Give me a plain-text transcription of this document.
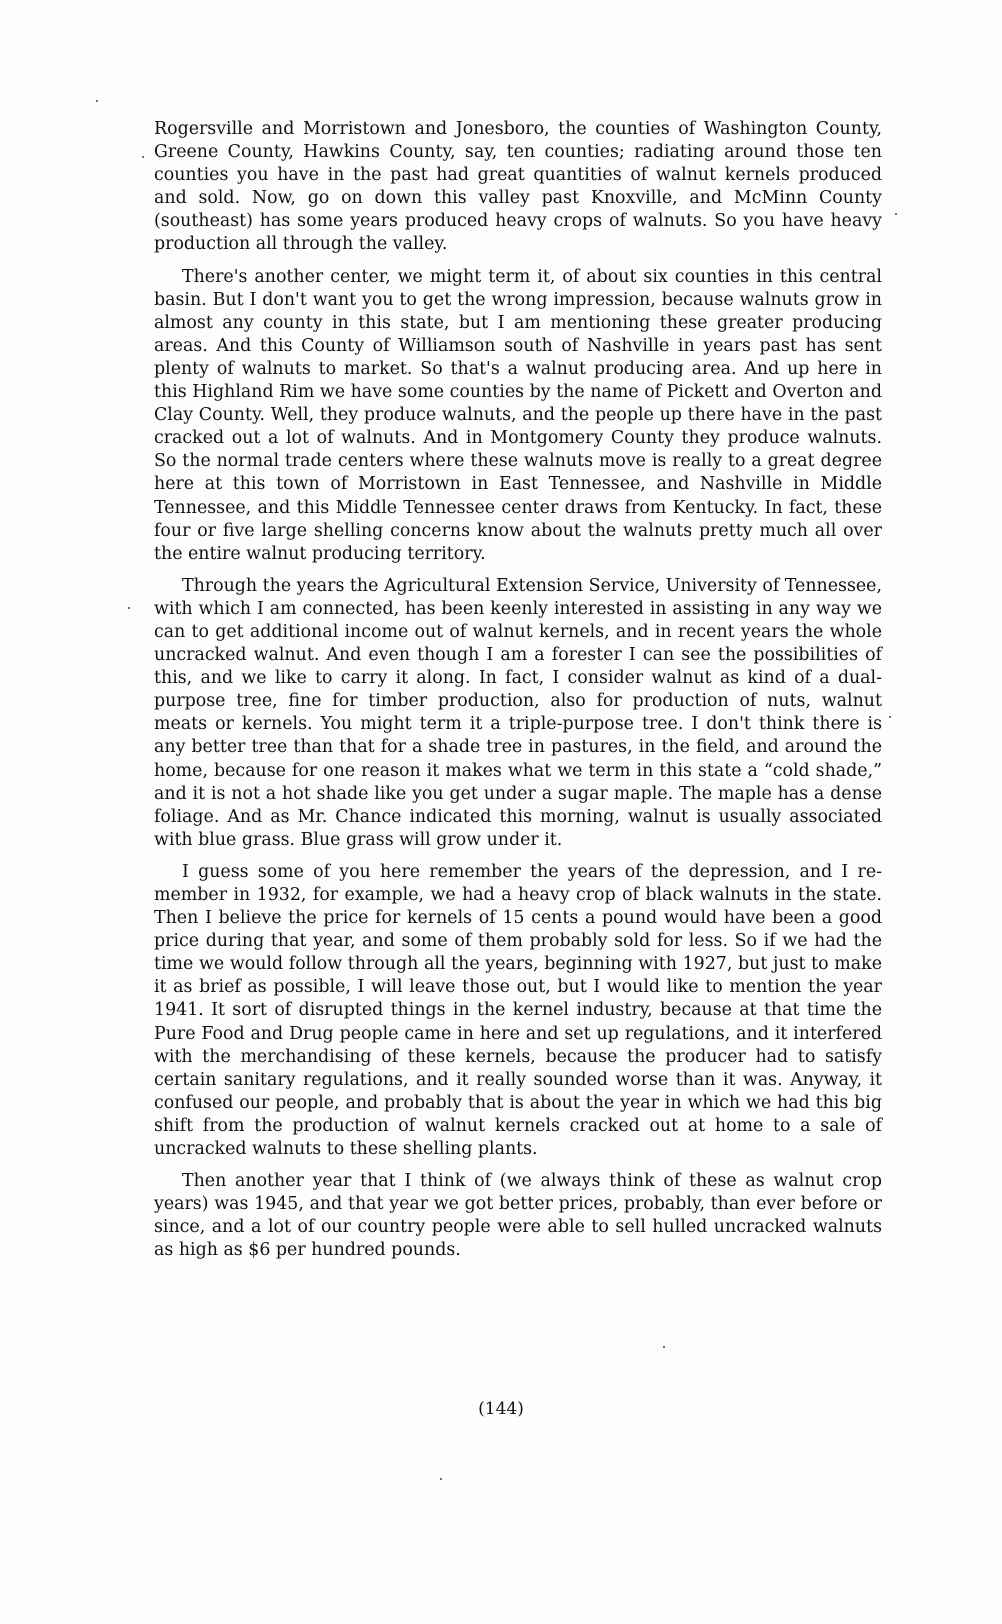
Rogersville and Morristown and Jonesboro, the counties of Washington County, Greene County, Hawkins County, say, ten counties; radiating around those ten counties you have in the past had great quantities of walnut kernels produced and sold. Now, go on down this valley past Knoxville, and McMinn County (southeast) has some years produced heavy crops of walnuts. So you have heavy production all through the valley.

There's another center, we might term it, of about six counties in this central basin. But I don't want you to get the wrong impression, because walnuts grow in almost any county in this state, but I am mentioning these greater producing areas. And this County of Williamson south of Nashville in years past has sent plenty of walnuts to market. So that's a walnut producing area. And up here in this Highland Rim we have some counties by the name of Pickett and Overton and Clay County. Well, they produce walnuts, and the people up there have in the past cracked out a lot of walnuts. And in Montgomery County they produce walnuts. So the normal trade centers where these walnuts move is really to a great degree here at this town of Morristown in East Tennessee, and Nashville in Middle Tennessee, and this Middle Tennessee center draws from Kentucky. In fact, these four or five large shelling concerns know about the walnuts pretty much all over the entire walnut producing territory.

Through the years the Agricultural Extension Service, University of Tennessee, with which I am connected, has been keenly interested in assisting in any way we can to get additional income out of walnut kernels, and in recent years the whole uncracked walnut. And even though I am a forester I can see the possibilities of this, and we like to carry it along. In fact, I consider walnut as kind of a dual-purpose tree, fine for timber production, also for production of nuts, walnut meats or kernels. You might term it a triple-purpose tree. I don't think there is any better tree than that for a shade tree in pastures, in the field, and around the home, because for one reason it makes what we term in this state a “cold shade,” and it is not a hot shade like you get under a sugar maple. The maple has a dense foliage. And as Mr. Chance indicated this morning, walnut is usually associated with blue grass. Blue grass will grow under it.

I guess some of you here remember the years of the depression, and I remember in 1932, for example, we had a heavy crop of black walnuts in the state. Then I believe the price for kernels of 15 cents a pound would have been a good price during that year, and some of them probably sold for less. So if we had the time we would follow through all the years, beginning with 1927, but just to make it as brief as possible, I will leave those out, but I would like to mention the year 1941. It sort of disrupted things in the kernel industry, because at that time the Pure Food and Drug people came in here and set up regulations, and it interfered with the merchandising of these kernels, because the producer had to satisfy certain sanitary regulations, and it really sounded worse than it was. Anyway, it confused our people, and probably that is about the year in which we had this big shift from the production of walnut kernels cracked out at home to a sale of uncracked walnuts to these shelling plants.

Then another year that I think of (we always think of these as walnut crop years) was 1945, and that year we got better prices, probably, than ever before or since, and a lot of our country people were able to sell hulled uncracked walnuts as high as $6 per hundred pounds.

(144)
